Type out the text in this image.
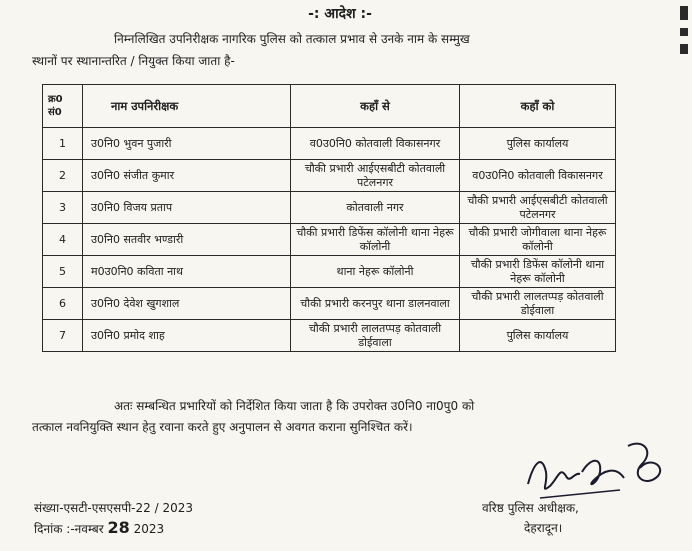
-: आदेश :-
निम्नलिखित उपनिरीक्षक नागरिक पुलिस को तत्काल प्रभाव से उनके नाम के सम्मुख
स्थानों पर स्थानान्तरित / नियुक्त किया जाता है-
क्र0 सं0	नाम उपनिरीक्षक	कहाँ से	कहाँ को
1	उ0नि0 भुवन पुजारी	व0उ0नि0 कोतवाली विकासनगर	पुलिस कार्यालय
2	उ0नि0 संजीत कुमार	चौकी प्रभारी आईएसबीटी कोतवाली पटेलनगर	व0उ0नि0 कोतवाली विकासनगर
3	उ0नि0 विजय प्रताप	कोतवाली नगर	चौकी प्रभारी आईएसबीटी कोतवाली पटेलनगर
4	उ0नि0 सतवीर भण्डारी	चौकी प्रभारी डिफेंस कॉलोनी थाना नेहरू कॉलोनी	चौकी प्रभारी जोगीवाला थाना नेहरू कॉलोनी
5	म0उ0नि0 कविता नाथ	थाना नेहरू कॉलोनी	चौकी प्रभारी डिफेंस कॉलोनी थाना नेहरू कॉलोनी
6	उ0नि0 देवेश खुगशाल	चौकी प्रभारी करनपुर थाना डालनवाला	चौकी प्रभारी लालतप्पड़ कोतवाली डोईवाला
7	उ0नि0 प्रमोद शाह	चौकी प्रभारी लालतप्पड़ कोतवाली डोईवाला	पुलिस कार्यालय
अतः सम्बन्धित प्रभारियों को निर्देशित किया जाता है कि उपरोक्त उ0नि0 ना0पु0 को
तत्काल नवनियुक्ति स्थान हेतु रवाना करते हुए अनुपालन से अवगत कराना सुनिश्चित करें।
संख्या-एसटी-एसएसपी-22 / 2023
दिनांक :-नवम्बर 28 2023
वरिष्ठ पुलिस अधीक्षक,
देहरादून।
